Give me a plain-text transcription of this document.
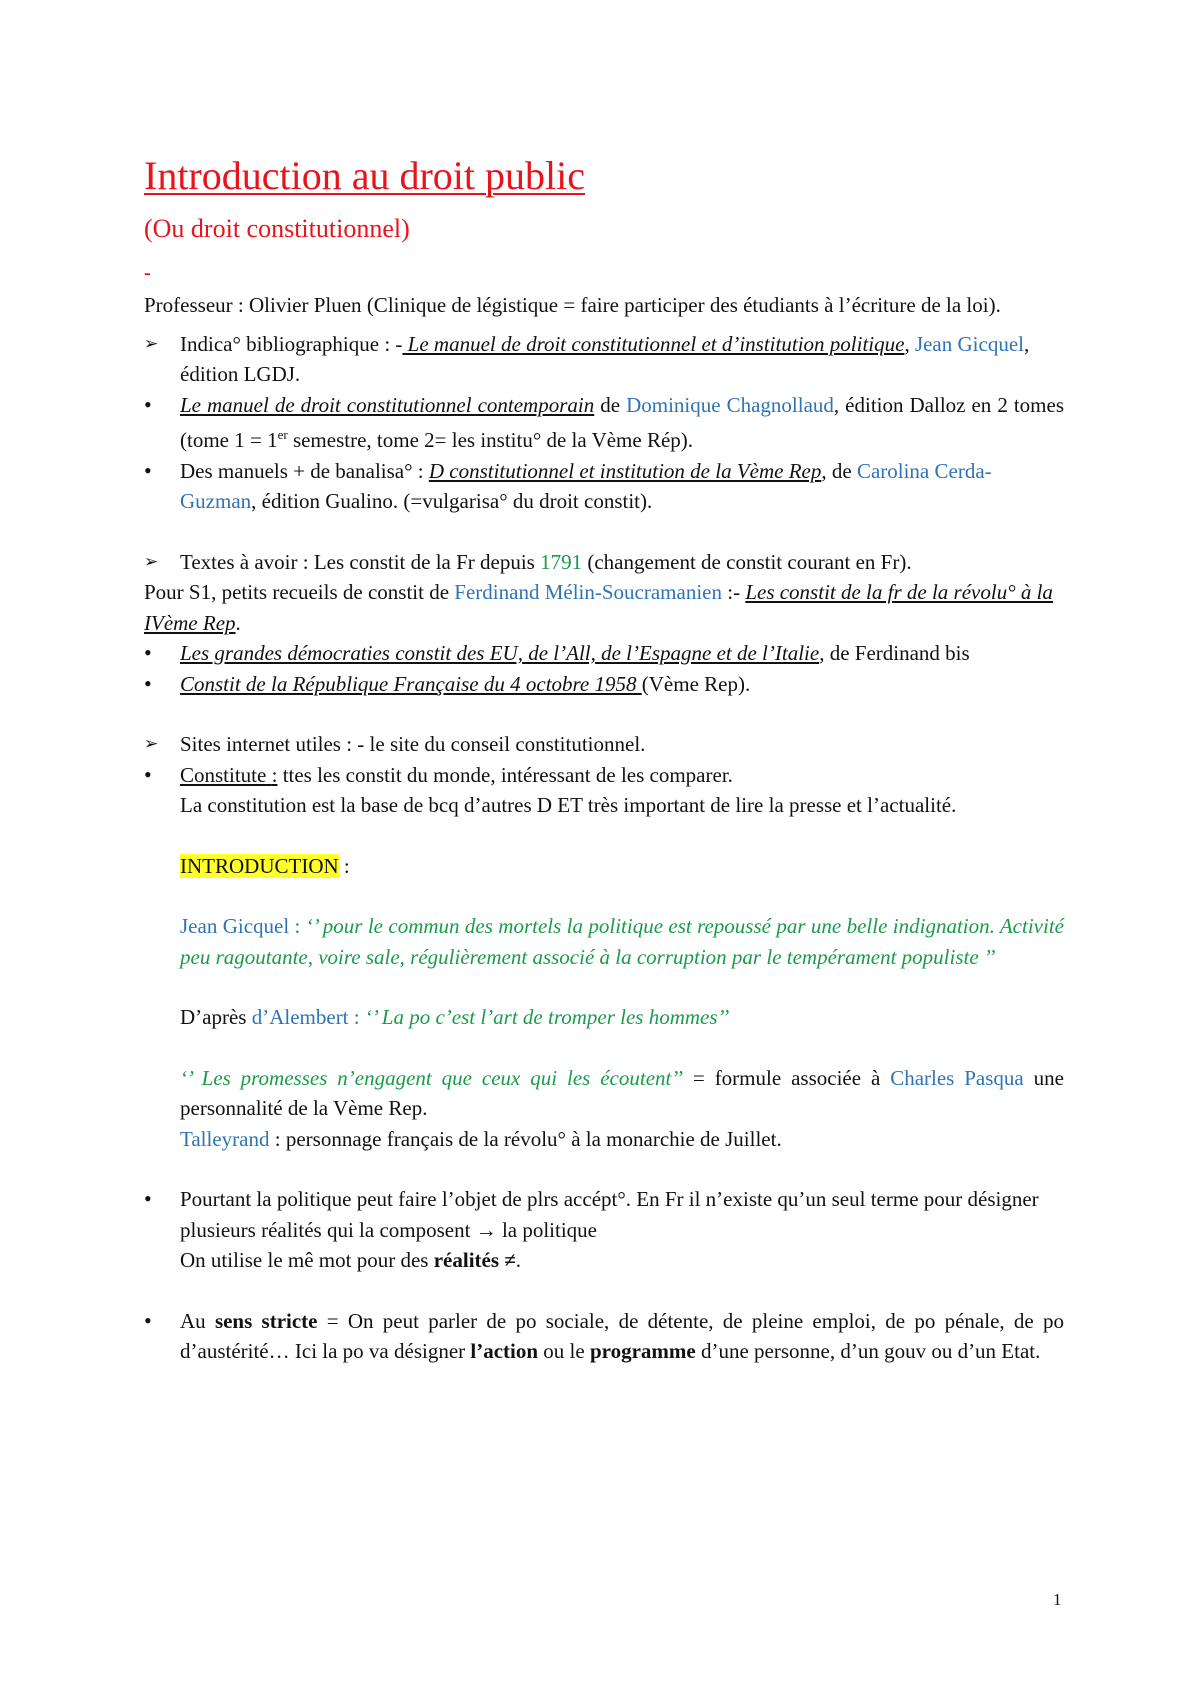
Introduction au droit public

(Ou droit constitutionnel)

-

Professeur : Olivier Pluen (Clinique de légistique = faire participer des étudiants à l’écriture de la loi).

➢	Indica° bibliographique : - Le manuel de droit constitutionnel et d’institution politique, Jean Gicquel, édition LGDJ.
•	Le manuel de droit constitutionnel contemporain de Dominique Chagnollaud, édition Dalloz en 2 tomes (tome 1 = 1er semestre, tome 2= les institu° de la Vème Rép).
•	Des manuels + de banalisa° : D constitutionnel et institution de la Vème Rep, de Carolina Cerda-Guzman, édition Gualino. (=vulgarisa° du droit constit).
➢	Textes à avoir : Les constit de la Fr depuis 1791 (changement de constit courant en Fr).

Pour S1, petits recueils de constit de Ferdinand Mélin-Soucramanien :- Les constit de la fr de la révolu° à la IVème Rep.

•	Les grandes démocraties constit des EU, de l’All, de l’Espagne et de l’Italie, de Ferdinand bis
•	Constit de la République Française du 4 octobre 1958 (Vème Rep).
➢	Sites internet utiles : - le site du conseil constitutionnel.
•	Constitute : ttes les constit du monde, intéressant de les comparer.

La constitution est la base de bcq d’autres D ET très important de lire la presse et l’actualité.

INTRODUCTION :

Jean Gicquel : ‘’ pour le commun des mortels la politique est repoussé par une belle indignation. Activité peu ragoutante, voire sale, régulièrement associé à la corruption par le tempérament populiste ’’

D’après d’Alembert : ‘’ La po c’est l’art de tromper les hommes’’

‘’ Les promesses n’engagent que ceux qui les écoutent’’ = formule associée à Charles Pasqua une personnalité de la Vème Rep.

Talleyrand : personnage français de la révolu° à la monarchie de Juillet.

•	Pourtant la politique peut faire l’objet de plrs accépt°. En Fr il n’existe qu’un seul terme pour désigner plusieurs réalités qui la composent → la politique
On utilise le mê mot pour des réalités ≠.
•	Au sens stricte = On peut parler de po sociale, de détente, de pleine emploi, de po pénale, de po d’austérité… Ici la po va désigner l’action ou le programme d’une personne, d’un gouv ou d’un Etat.
1
